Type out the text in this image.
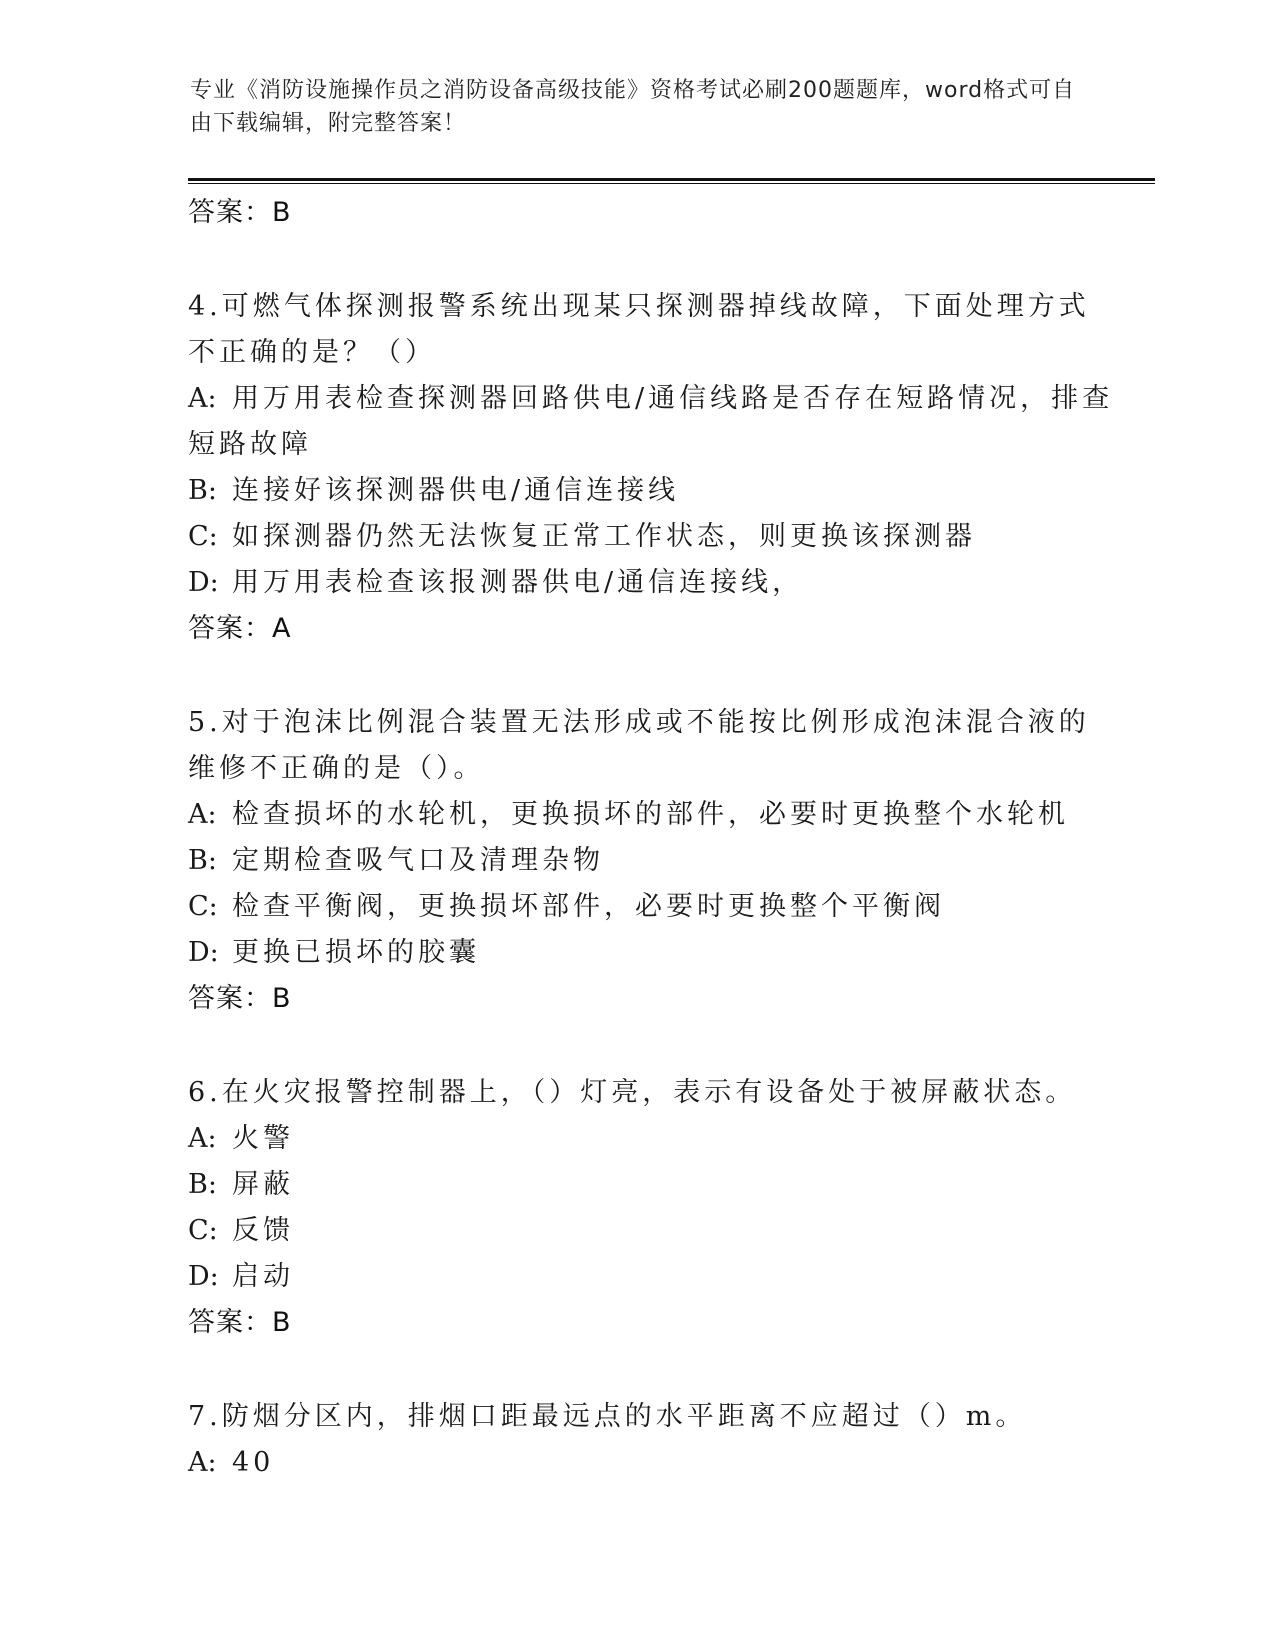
专业《消防设施操作员之消防设备高级技能》资格考试必刷200题题库，word格式可自由下载编辑，附完整答案！

答案：B

4.可燃气体探测报警系统出现某只探测器掉线故障，下面处理方式不正确的是？（）

A: 用万用表检查探测器回路供电/通信线路是否存在短路情况，排查短路故障

B: 连接好该探测器供电/通信连接线

C: 如探测器仍然无法恢复正常工作状态，则更换该探测器

D: 用万用表检查该报测器供电/通信连接线，

答案：A

5.对于泡沫比例混合装置无法形成或不能按比例形成泡沫混合液的维修不正确的是（）。

A: 检查损坏的水轮机，更换损坏的部件，必要时更换整个水轮机

B: 定期检查吸气口及清理杂物

C: 检查平衡阀，更换损坏部件，必要时更换整个平衡阀

D: 更换已损坏的胶囊

答案：B

6.在火灾报警控制器上，（）灯亮，表示有设备处于被屏蔽状态。

A: 火警

B: 屏蔽

C: 反馈

D: 启动

答案：B

7.防烟分区内，排烟口距最远点的水平距离不应超过（）m。

A: 40
